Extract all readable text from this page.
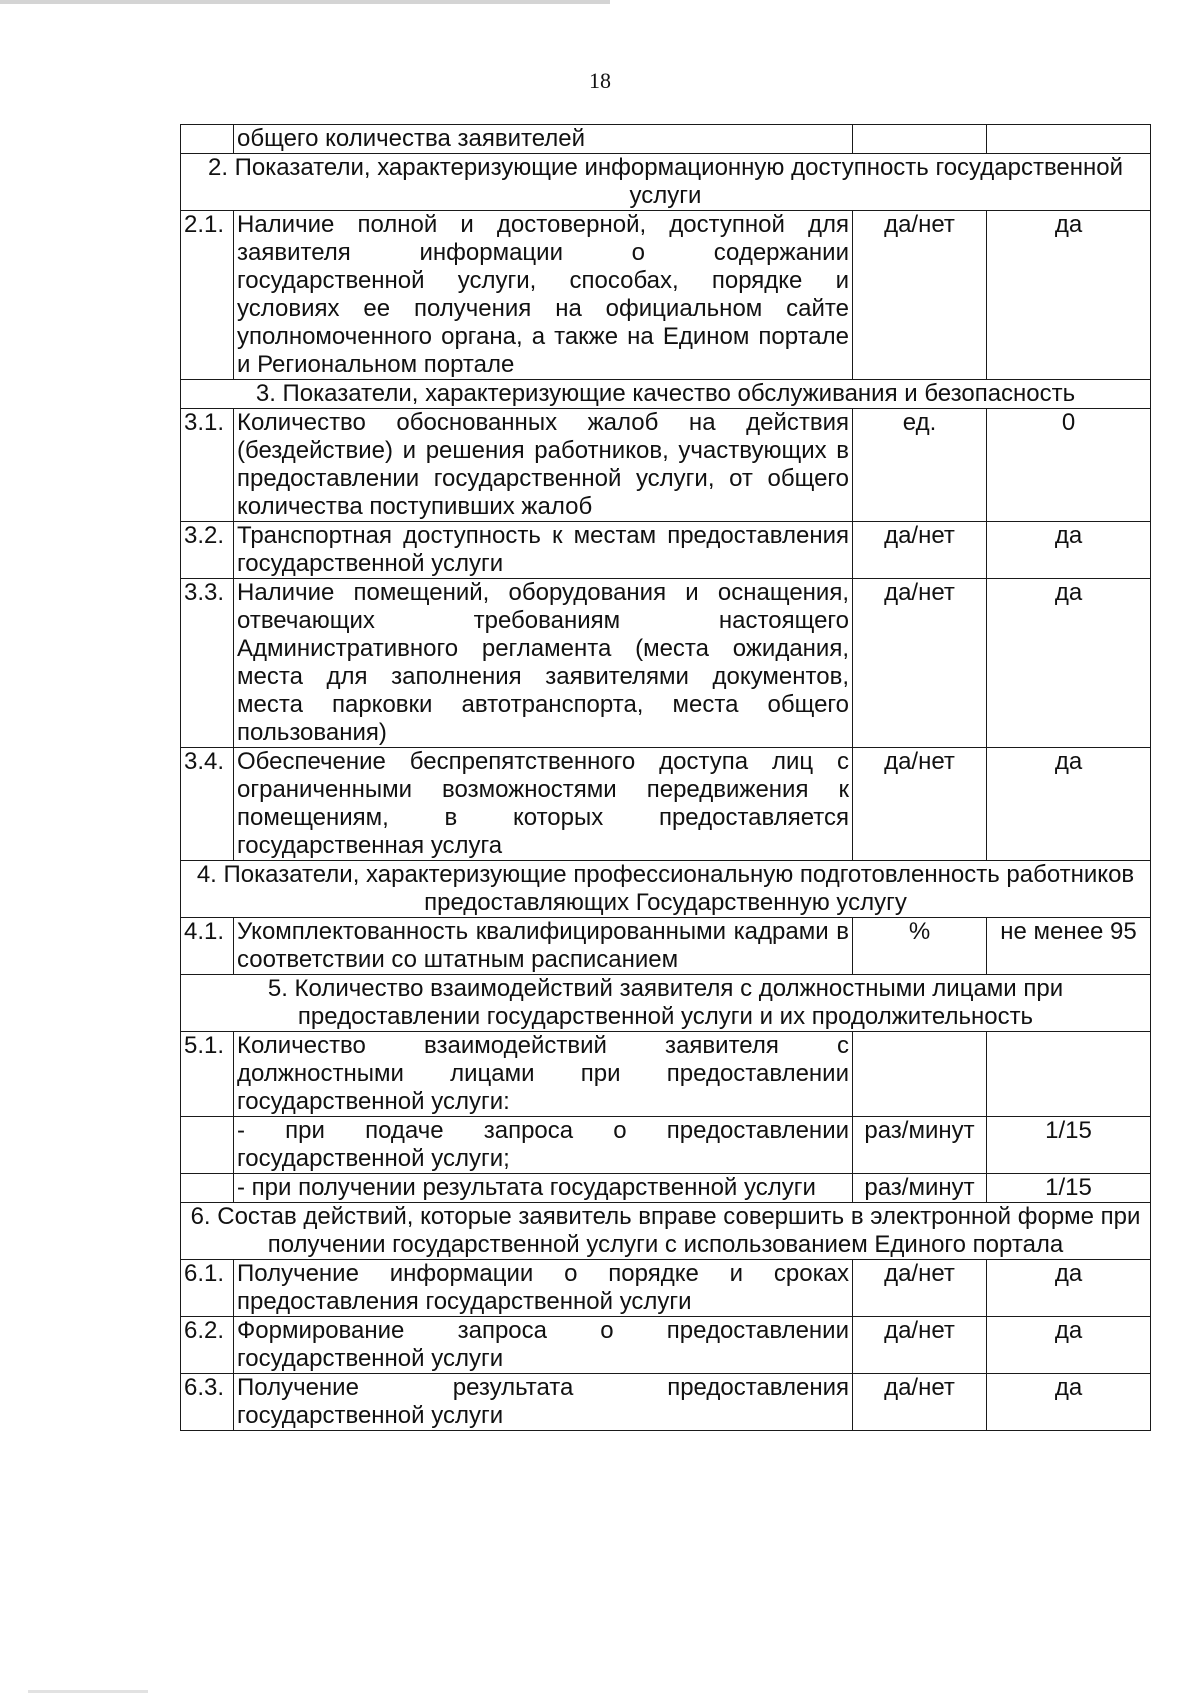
18
	общего количества заявителей		
2. Показатели, характеризующие информационную доступность государственной услуги			
2.1.	Наличие полной и достоверной, доступной для заявителя информации о содержании государственной услуги, способах, порядке и условиях ее получения на официальном сайте уполномоченного органа, а также на Едином портале и Региональном портале	да/нет	да
3. Показатели, характеризующие качество обслуживания и безопасность			
3.1.	Количество обоснованных жалоб на действия (бездействие) и решения работников, участвующих в предоставлении государственной услуги, от общего количества поступивших жалоб	ед.	0
3.2.	Транспортная доступность к местам предоставления государственной услуги	да/нет	да
3.3.	Наличие помещений, оборудования и оснащения, отвечающих требованиям настоящего Административного регламента (места ожидания, места для заполнения заявителями документов, места парковки автотранспорта, места общего пользования)	да/нет	да
3.4.	Обеспечение беспрепятственного доступа лиц с ограниченными возможностями передвижения к помещениям, в которых предоставляется государственная услуга	да/нет	да
4. Показатели, характеризующие профессиональную подготовленность работников предоставляющих Государственную услугу			
4.1.	Укомплектованность квалифицированными кадрами в соответствии со штатным расписанием	%	не менее 95
5. Количество взаимодействий заявителя с должностными лицами при предоставлении государственной услуги и их продолжительность			
5.1.	Количество взаимодействий заявителя с должностными лицами при предоставлении государственной услуги:		
	- при подаче запроса о предоставлении государственной услуги;	раз/минут	1/15
	- при получении результата государственной услуги	раз/минут	1/15
6. Состав действий, которые заявитель вправе совершить в электронной форме при получении государственной услуги с использованием Единого портала			
6.1.	Получение информации о порядке и сроках предоставления государственной услуги	да/нет	да
6.2.	Формирование запроса о предоставлении государственной услуги	да/нет	да
6.3.	Получение результата предоставления государственной услуги	да/нет	да
